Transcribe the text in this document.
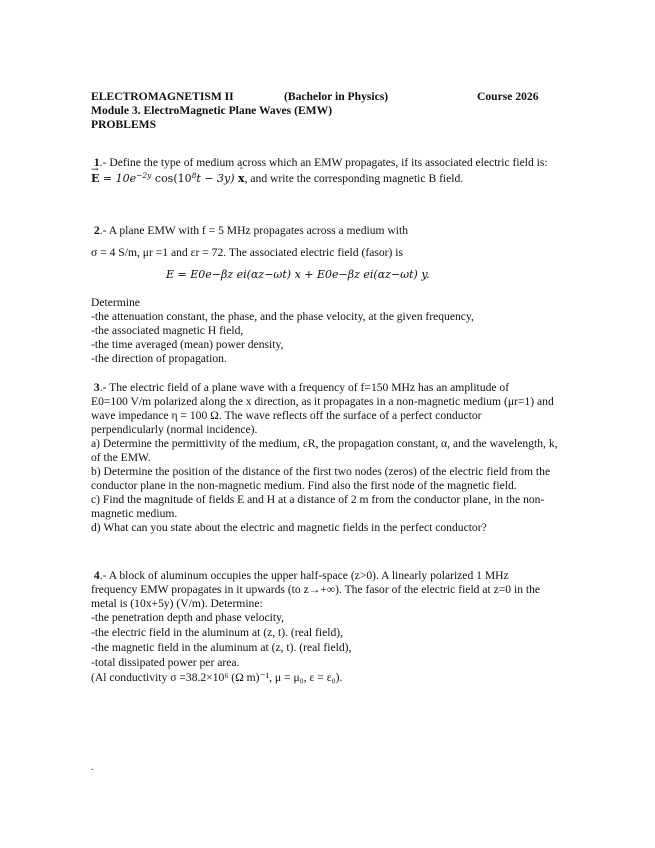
ELECTROMAGNETISM II	(Bachelor in Physics)	Course 2026
Module 3. ElectroMagnetic Plane Waves (EMW)
PROBLEMS
1.- Define the type of medium across which an EMW propagates, if its associated electric field is:
→ $E = 10e^{-2y}$ $\cos(10^8t - 3y)$ ˆ x, and write the corresponding magnetic B field.
2.- A plane EMW with f = 5 MHz propagates across a medium with
σ = 4 S/m, μr =1 and εr = 72. The associated electric field (fasor) is
E = E0e−βz ei(αz−ωt) x + E0e−βz ei(αz−ωt) y.
Determine
-the attenuation constant, the phase, and the phase velocity, at the given frequency,
-the associated magnetic H field,
-the time averaged (mean) power density,
-the direction of propagation.
3.- The electric field of a plane wave with a frequency of f=150 MHz has an amplitude of
E0=100 V/m polarized along the x direction, as it propagates in a non-magnetic medium (μr=1) and
wave impedance η = 100 Ω. The wave reflects off the surface of a perfect conductor
perpendicularly (normal incidence).
a) Determine the permittivity of the medium, εR, the propagation constant, α, and the wavelength, k,
of the EMW.
b) Determine the position of the distance of the first two nodes (zeros) of the electric field from the
conductor plane in the non-magnetic medium. Find also the first node of the magnetic field.
c) Find the magnitude of fields E and H at a distance of 2 m from the conductor plane, in the non-
magnetic medium.
d) What can you state about the electric and magnetic fields in the perfect conductor?
4.- A block of aluminum occupies the upper half-space (z>0). A linearly polarized 1 MHz
frequency EMW propagates in it upwards (to z→+∞). The fasor of the electric field at z=0 in the
metal is (10x+5y) (V/m). Determine:
-the penetration depth and phase velocity,
-the electric field in the aluminum at (z, t). (real field),
-the magnetic field in the aluminum at (z, t). (real field),
-total dissipated power per area.
(Al conductivity σ =38.2×10⁶ (Ω m)⁻¹, μ = μ₀, ε = ε₀).
.
